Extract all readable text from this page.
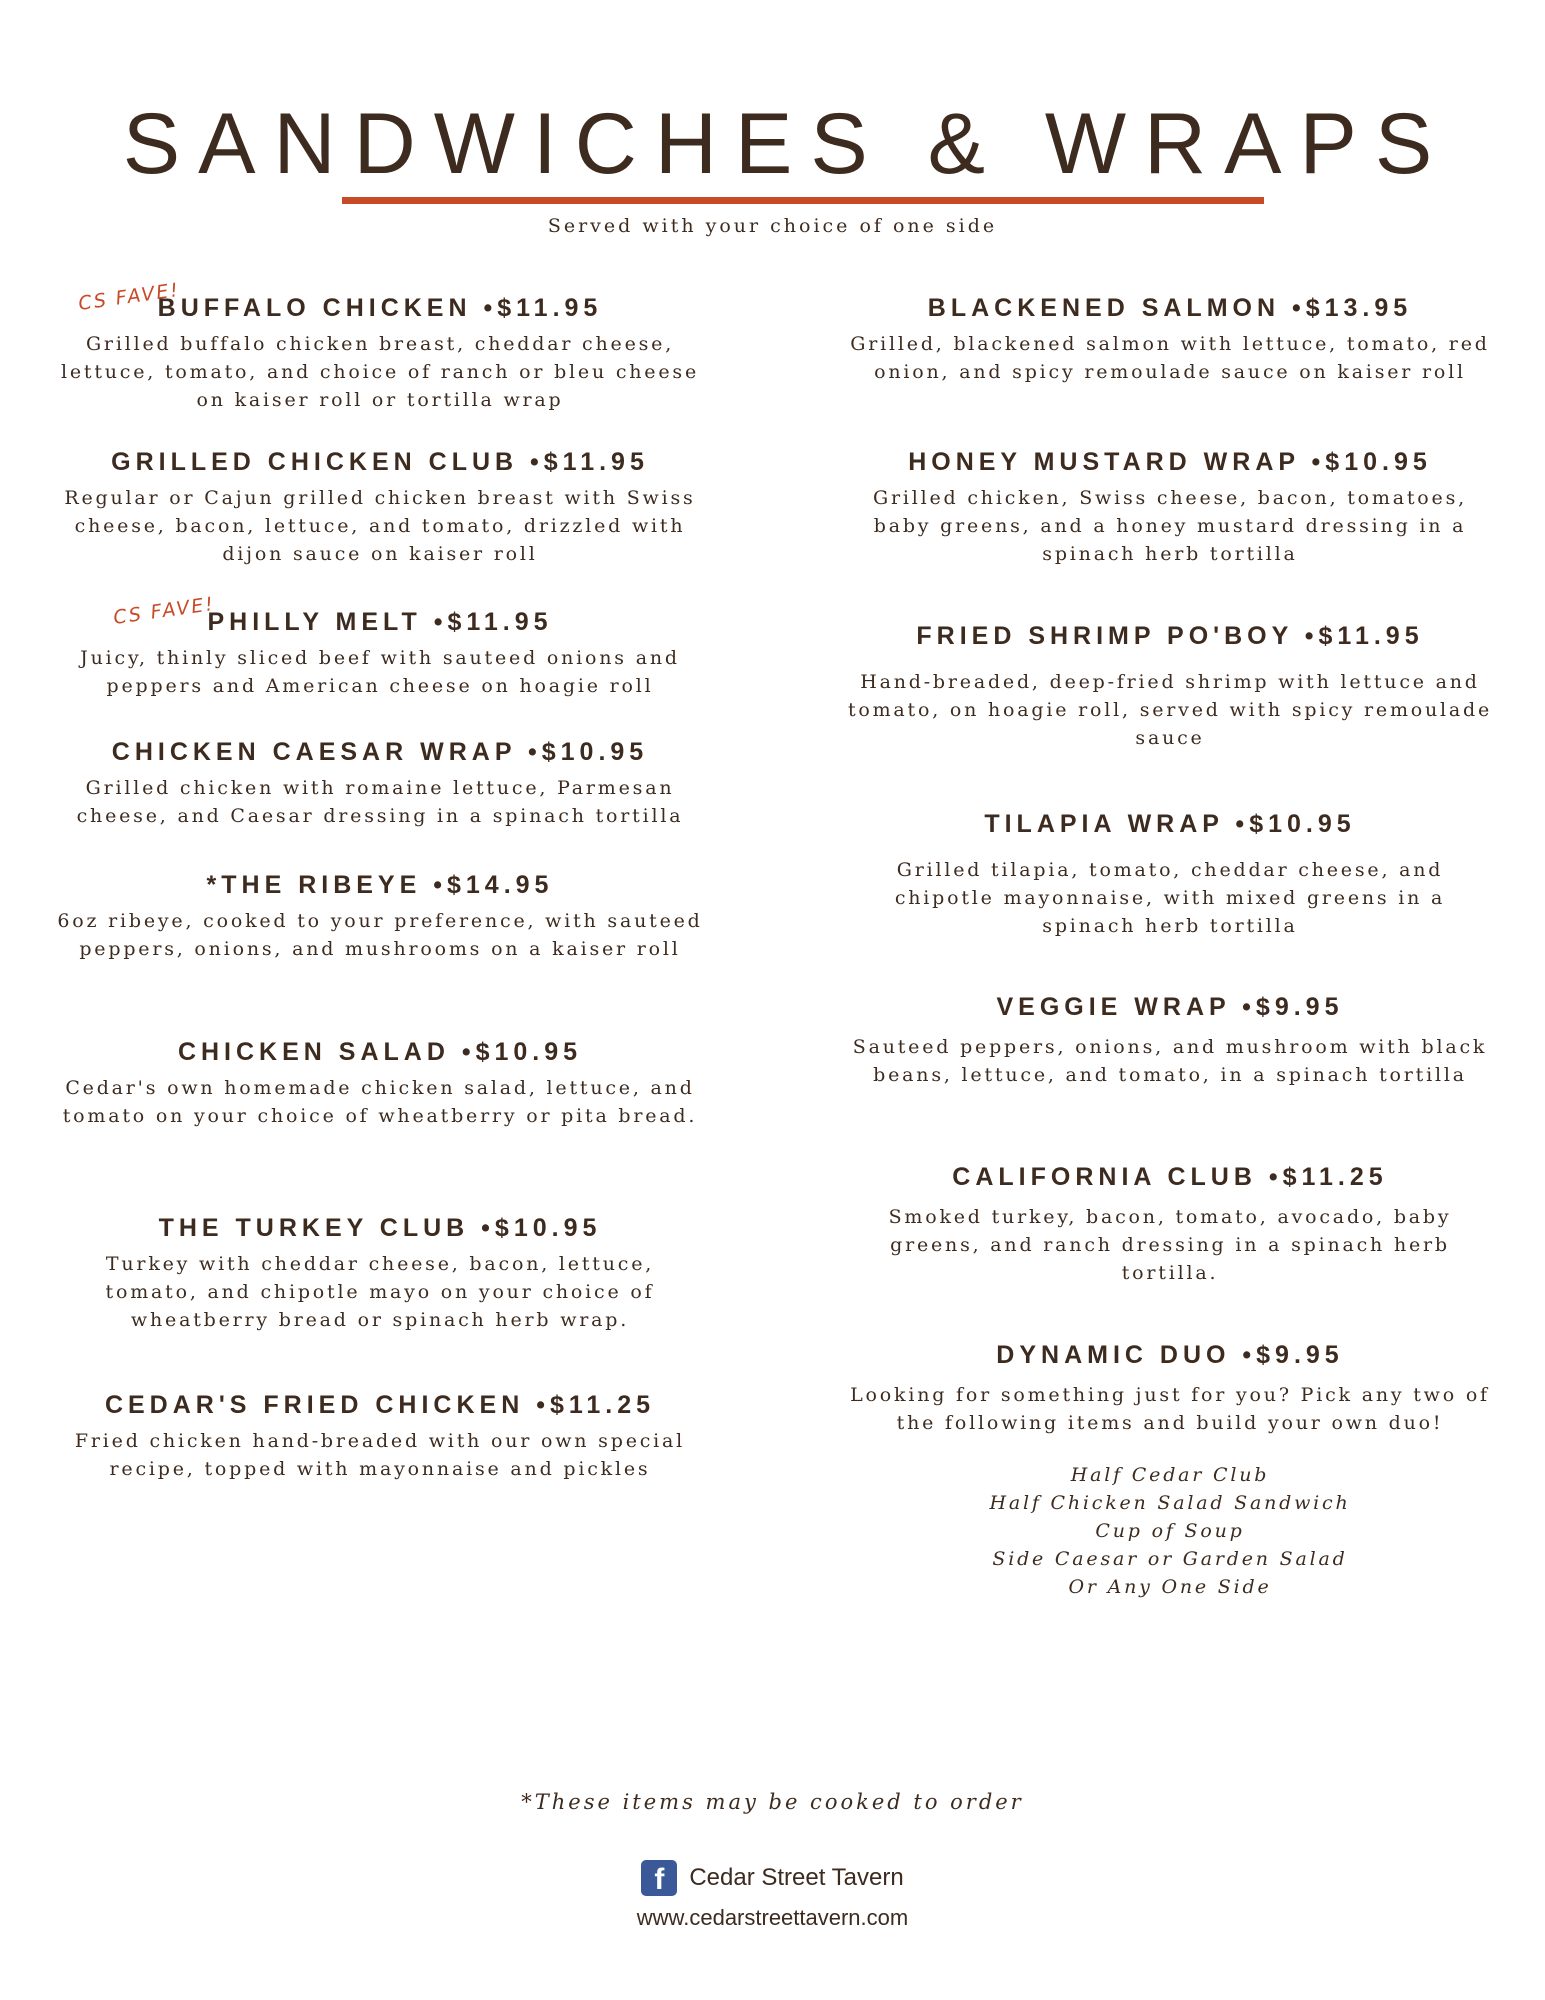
SANDWICHES & WRAPS
Served with your choice of one side
CS FAVE!
BUFFALO CHICKEN •$11.95
Grilled buffalo chicken breast, cheddar cheese, lettuce, tomato, and choice of ranch or bleu cheese on kaiser roll or tortilla wrap
GRILLED CHICKEN CLUB •$11.95
Regular or Cajun grilled chicken breast with Swiss cheese, bacon, lettuce, and tomato, drizzled with dijon sauce on kaiser roll
CS FAVE!
PHILLY MELT •$11.95
Juicy, thinly sliced beef with sauteed onions and peppers and American cheese on hoagie roll
CHICKEN CAESAR WRAP •$10.95
Grilled chicken with romaine lettuce, Parmesan cheese, and Caesar dressing in a spinach tortilla
*THE RIBEYE •$14.95
6oz ribeye, cooked to your preference, with sauteed peppers, onions, and mushrooms on a kaiser roll
CHICKEN SALAD •$10.95
Cedar's own homemade chicken salad, lettuce, and tomato on your choice of wheatberry or pita bread.
THE TURKEY CLUB •$10.95
Turkey with cheddar cheese, bacon, lettuce, tomato, and chipotle mayo on your choice of wheatberry bread or spinach herb wrap.
CEDAR'S FRIED CHICKEN •$11.25
Fried chicken hand-breaded with our own special recipe, topped with mayonnaise and pickles
BLACKENED SALMON •$13.95
Grilled, blackened salmon with lettuce, tomato, red onion, and spicy remoulade sauce on kaiser roll
HONEY MUSTARD WRAP •$10.95
Grilled chicken, Swiss cheese, bacon, tomatoes, baby greens, and a honey mustard dressing in a spinach herb tortilla
FRIED SHRIMP PO'BOY •$11.95
Hand-breaded, deep-fried shrimp with lettuce and tomato, on hoagie roll, served with spicy remoulade sauce
TILAPIA WRAP •$10.95
Grilled tilapia, tomato, cheddar cheese, and chipotle mayonnaise, with mixed greens in a spinach herb tortilla
VEGGIE WRAP •$9.95
Sauteed peppers, onions, and mushroom with black beans, lettuce, and tomato, in a spinach tortilla
CALIFORNIA CLUB •$11.25
Smoked turkey, bacon, tomato, avocado, baby greens, and ranch dressing in a spinach herb tortilla.
DYNAMIC DUO •$9.95
Looking for something just for you? Pick any two of the following items and build your own duo!
Half Cedar Club
Half Chicken Salad Sandwich
Cup of Soup
Side Caesar or Garden Salad
Or Any One Side
*These items may be cooked to order
f Cedar Street Tavern
www.cedarstreettavern.com
